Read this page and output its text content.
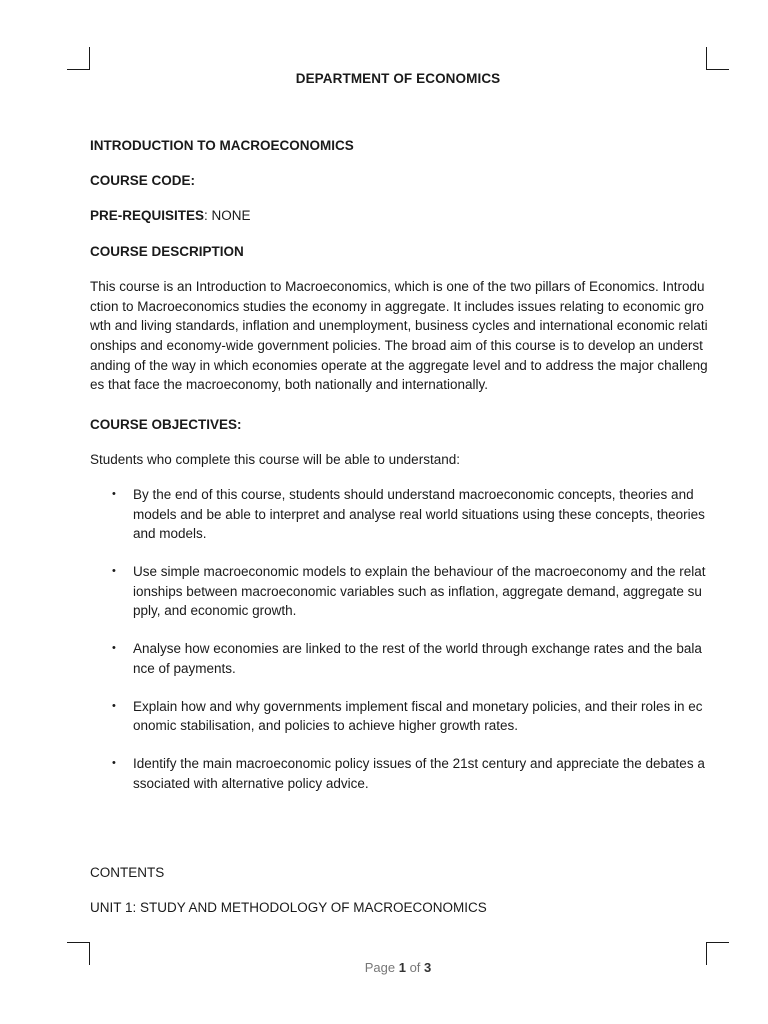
DEPARTMENT OF ECONOMICS

INTRODUCTION TO MACROECONOMICS

COURSE CODE:

PRE-REQUISITES: NONE

COURSE DESCRIPTION

This course is an Introduction to Macroeconomics, which is one of the two pillars of Economics. Introduction to Macroeconomics studies the economy in aggregate. It includes issues relating to economic growth and living standards, inflation and unemployment, business cycles and international economic relationships and economy-wide government policies. The broad aim of this course is to develop an understanding of the way in which economies operate at the aggregate level and to address the major challenges that face the macroeconomy, both nationally and internationally.

COURSE OBJECTIVES:

Students who complete this course will be able to understand:

• By the end of this course, students should understand macroeconomic concepts, theories and models and be able to interpret and analyse real world situations using these concepts, theories and models.
• Use simple macroeconomic models to explain the behaviour of the macroeconomy and the relationships between macroeconomic variables such as inflation, aggregate demand, aggregate supply, and economic growth.
• Analyse how economies are linked to the rest of the world through exchange rates and the balance of payments.
• Explain how and why governments implement fiscal and monetary policies, and their roles in economic stabilisation, and policies to achieve higher growth rates.
• Identify the main macroeconomic policy issues of the 21st century and appreciate the debates associated with alternative policy advice.
CONTENTS
UNIT 1: STUDY AND METHODOLOGY OF MACROECONOMICS
Page 1 of 3
